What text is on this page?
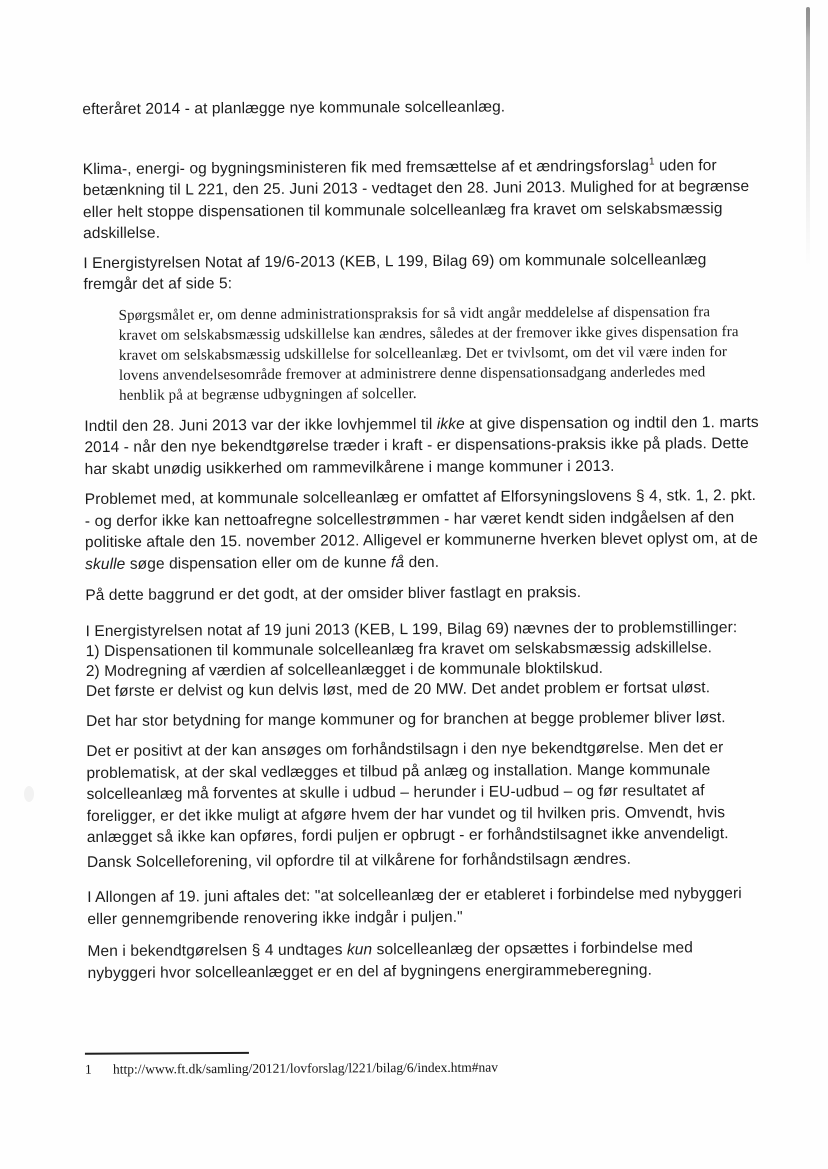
efteråret 2014 - at planlægge nye kommunale solcelleanlæg.

Klima-, energi- og bygningsministeren fik med fremsættelse af et ændringsforslag$^1$ uden for betænkning til L 221, den 25. Juni 2013 - vedtaget den 28. Juni 2013. Mulighed for at begrænse eller helt stoppe dispensationen til kommunale solcelleanlæg fra kravet om selskabsmæssig adskillelse.

I Energistyrelsen Notat af 19/6-2013 (KEB, L 199, Bilag 69) om kommunale solcelleanlæg fremgår det af side 5:

Spørgsmålet er, om denne administrationspraksis for så vidt angår meddelelse af dispensation fra kravet om selskabsmæssig udskillelse kan ændres, således at der fremover ikke gives dispensation fra kravet om selskabsmæssig udskillelse for solcelleanlæg. Det er tvivlsomt, om det vil være inden for lovens anvendelsesområde fremover at administrere denne dispensationsadgang anderledes med henblik på at begrænse udbygningen af solceller.

Indtil den 28. Juni 2013 var der ikke lovhjemmel til ikke at give dispensation og indtil den 1. marts 2014 - når den nye bekendtgørelse træder i kraft - er dispensations-praksis ikke på plads. Dette har skabt unødig usikkerhed om rammevilkårene i mange kommuner i 2013.

Problemet med, at kommunale solcelleanlæg er omfattet af Elforsyningslovens § 4, stk. 1, 2. pkt. - og derfor ikke kan nettoafregne solcellestrømmen - har været kendt siden indgåelsen af den politiske aftale den 15. november 2012. Alligevel er kommunerne hverken blevet oplyst om, at de skulle søge dispensation eller om de kunne få den.

På dette baggrund er det godt, at der omsider bliver fastlagt en praksis.

I Energistyrelsen notat af 19 juni 2013 (KEB, L 199, Bilag 69) nævnes der to problemstillinger:
1) Dispensationen til kommunale solcelleanlæg fra kravet om selskabsmæssig adskillelse.
2) Modregning af værdien af solcelleanlægget i de kommunale bloktilskud.
Det første er delvist og kun delvis løst, med de 20 MW. Det andet problem er fortsat uløst.

Det har stor betydning for mange kommuner og for branchen at begge problemer bliver løst.

Det er positivt at der kan ansøges om forhåndstilsagn i den nye bekendtgørelse. Men det er problematisk, at der skal vedlægges et tilbud på anlæg og installation. Mange kommunale solcelleanlæg må forventes at skulle i udbud – herunder i EU-udbud – og før resultatet af foreligger, er det ikke muligt at afgøre hvem der har vundet og til hvilken pris. Omvendt, hvis anlægget så ikke kan opføres, fordi puljen er opbrugt - er forhåndstilsagnet ikke anvendeligt.

Dansk Solcelleforening, vil opfordre til at vilkårene for forhåndstilsagn ændres.

I Allongen af 19. juni aftales det: "at solcelleanlæg der er etableret i forbindelse med nybyggeri eller gennemgribende renovering ikke indgår i puljen."

Men i bekendtgørelsen § 4 undtages kun solcelleanlæg der opsættes i forbindelse med nybyggeri hvor solcelleanlægget er en del af bygningens energirammeberegning.

1	http://www.ft.dk/samling/20121/lovforslag/l221/bilag/6/index.htm#nav
